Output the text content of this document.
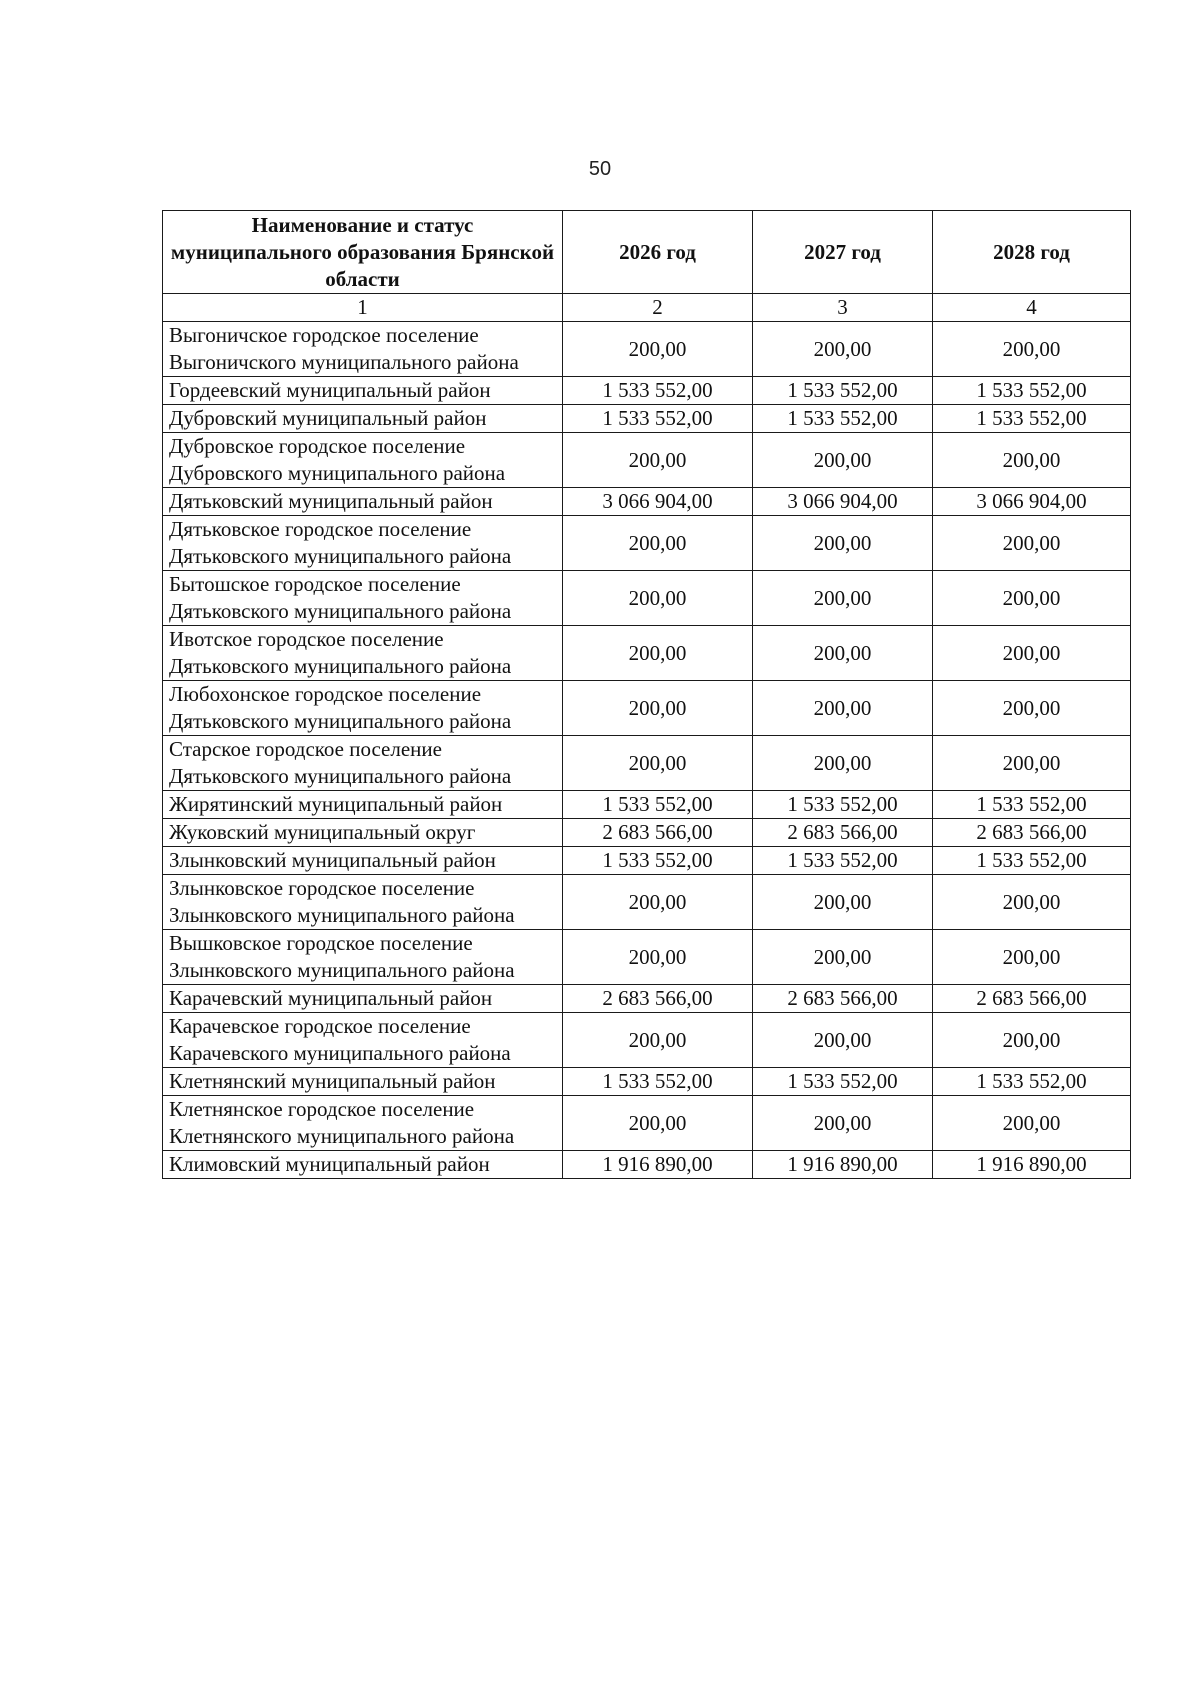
50
Наименование и статус муниципального образования Брянской области	2026 год	2027 год	2028 год
1	2	3	4
Выгоничское городское поселение Выгоничского муниципального района	200,00	200,00	200,00
Гордеевский муниципальный район	1 533 552,00	1 533 552,00	1 533 552,00
Дубровский муниципальный район	1 533 552,00	1 533 552,00	1 533 552,00
Дубровское городское поселение Дубровского муниципального района	200,00	200,00	200,00
Дятьковский муниципальный район	3 066 904,00	3 066 904,00	3 066 904,00
Дятьковское городское поселение Дятьковского муниципального района	200,00	200,00	200,00
Бытошское городское поселение Дятьковского муниципального района	200,00	200,00	200,00
Ивотское городское поселение Дятьковского муниципального района	200,00	200,00	200,00
Любохонское городское поселение Дятьковского муниципального района	200,00	200,00	200,00
Старское городское поселение Дятьковского муниципального района	200,00	200,00	200,00
Жирятинский муниципальный район	1 533 552,00	1 533 552,00	1 533 552,00
Жуковский муниципальный округ	2 683 566,00	2 683 566,00	2 683 566,00
Злынковский муниципальный район	1 533 552,00	1 533 552,00	1 533 552,00
Злынковское городское поселение Злынковского муниципального района	200,00	200,00	200,00
Вышковское городское поселение Злынковского муниципального района	200,00	200,00	200,00
Карачевский муниципальный район	2 683 566,00	2 683 566,00	2 683 566,00
Карачевское городское поселение Карачевского муниципального района	200,00	200,00	200,00
Клетнянский муниципальный район	1 533 552,00	1 533 552,00	1 533 552,00
Клетнянское городское поселение Клетнянского муниципального района	200,00	200,00	200,00
Климовский муниципальный район	1 916 890,00	1 916 890,00	1 916 890,00
